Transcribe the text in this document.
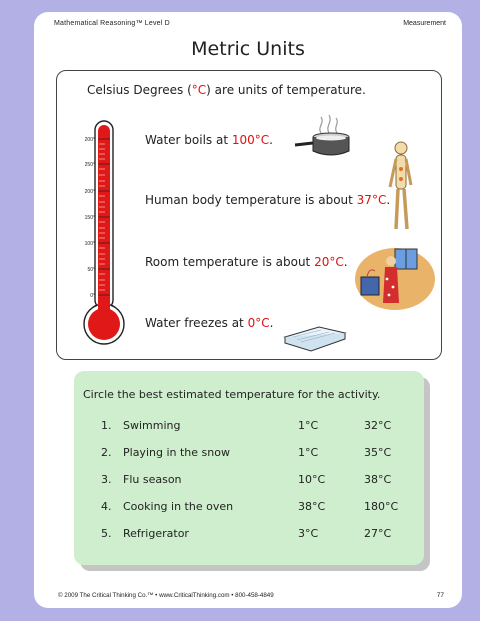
Mathematical Reasoning™ Level D	Measurement
Metric Units
Celsius Degrees (°C) are units of temperature.
200°
250°
200°
150°
100°
50°
0°
Water boils at 100°C.
Human body temperature is about 37°C.
Room temperature is about 20°C.
Water freezes at 0°C.
Circle the best estimated temperature for the activity.
1. Swimming	1°C	32°C
2. Playing in the snow	1°C	35°C
3. Flu season	10°C	38°C
4. Cooking in the oven	38°C	180°C
5. Refrigerator	3°C	27°C
© 2009 The Critical Thinking Co.™ • www.CriticalThinking.com • 800-458-4849	77
